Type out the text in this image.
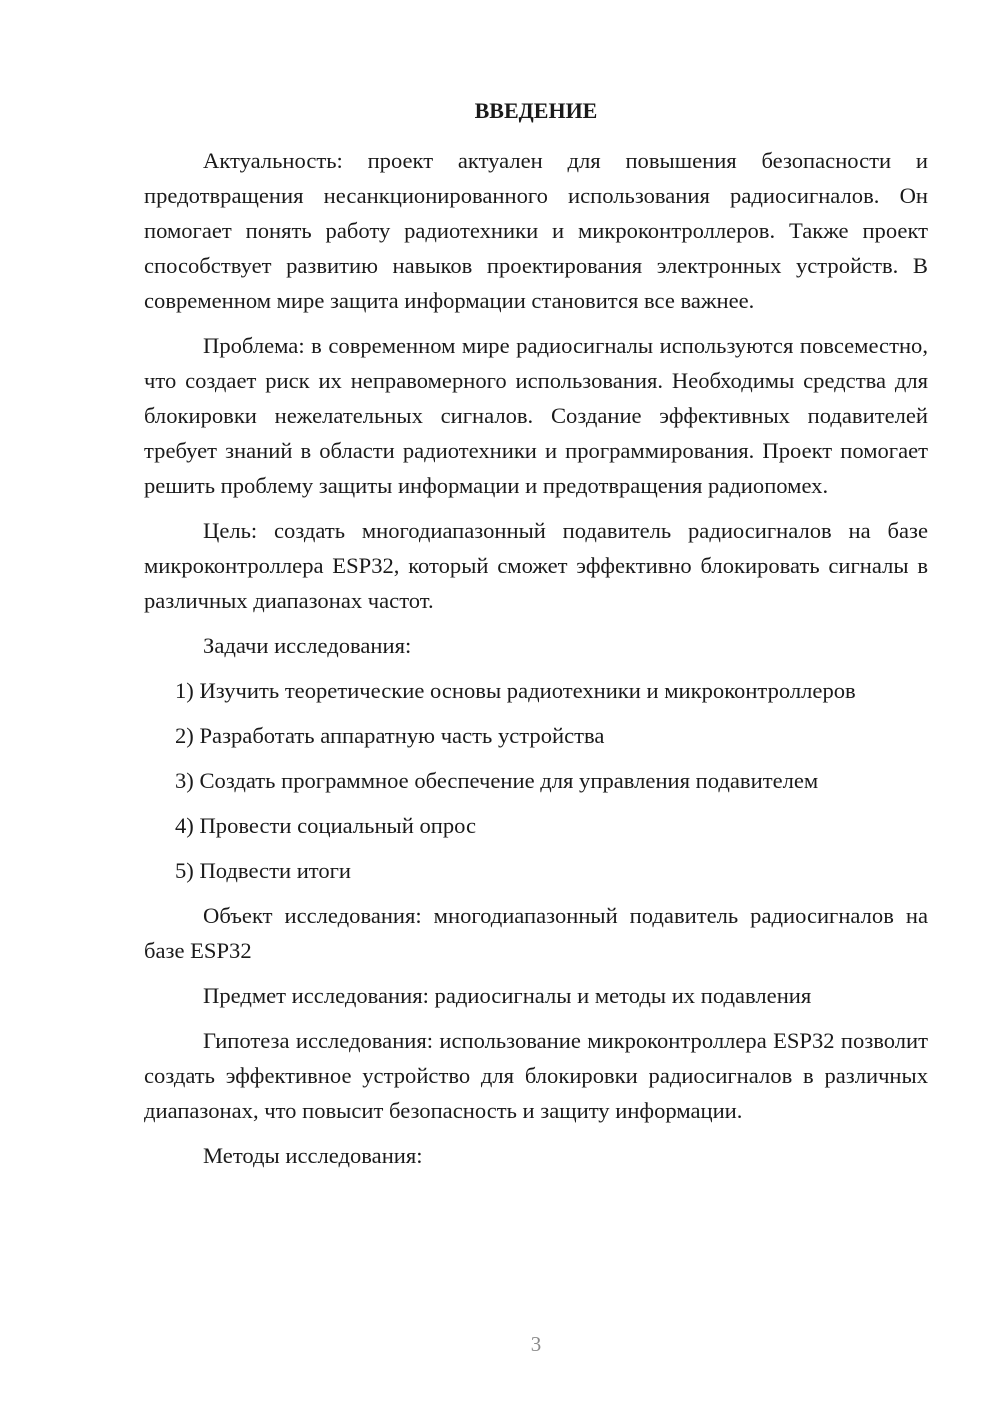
ВВЕДЕНИЕ

Актуальность: проект актуален для повышения безопасности и предотвращения несанкционированного использования радиосигналов. Он помогает понять работу радиотехники и микроконтроллеров. Также проект способствует развитию навыков проектирования электронных устройств. В современном мире защита информации становится все важнее.

Проблема: в современном мире радиосигналы используются повсеместно, что создает риск их неправомерного использования. Необходимы средства для блокировки нежелательных сигналов. Создание эффективных подавителей требует знаний в области радиотехники и программирования. Проект помогает решить проблему защиты информации и предотвращения радиопомех.

Цель: создать многодиапазонный подавитель радиосигналов на базе микроконтроллера ESP32, который сможет эффективно блокировать сигналы в различных диапазонах частот.

Задачи исследования:

1) Изучить теоретические основы радиотехники и микроконтроллеров
2) Разработать аппаратную часть устройства
3) Создать программное обеспечение для управления подавителем
4) Провести социальный опрос
5) Подвести итоги

Объект исследования: многодиапазонный подавитель радиосигналов на базе ESP32

Предмет исследования: радиосигналы и методы их подавления

Гипотеза исследования: использование микроконтроллера ESP32 позволит создать эффективное устройство для блокировки радиосигналов в различных диапазонах, что повысит безопасность и защиту информации.

Методы исследования:

3
